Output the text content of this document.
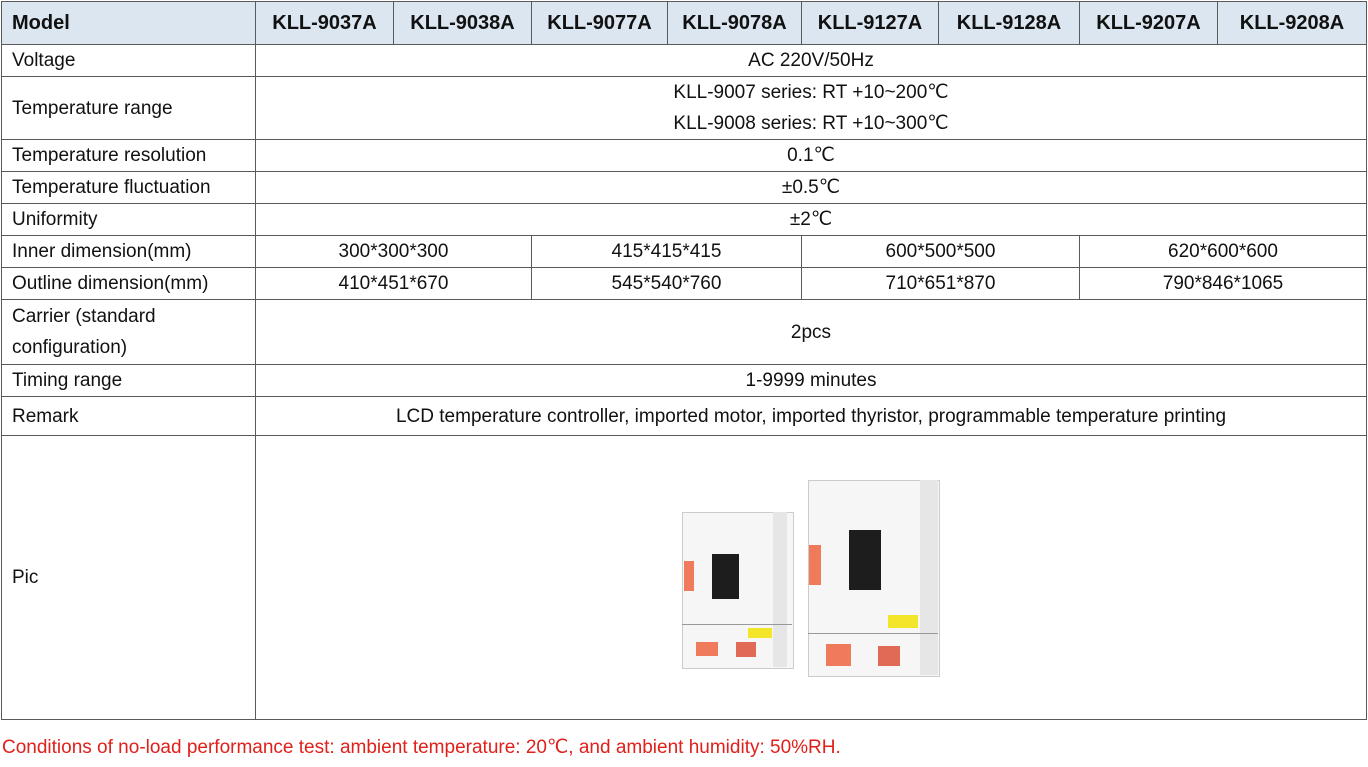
Model	KLL-9037A	KLL-9038A	KLL-9077A	KLL-9078A	KLL-9127A	KLL-9128A	KLL-9207A	KLL-9208A
Voltage	AC 220V/50Hz							
Temperature range	KLL-9007 series: RT +10~200℃
KLL-9008 series: RT +10~300℃							

Temperature resolution	0.1℃							
Temperature fluctuation	±0.5℃							
Uniformity	±2℃							
Inner dimension(mm)	300*300*300		415*415*415		600*500*500		620*600*600	
Outline dimension(mm)	410*451*670		545*540*760		710*651*870		790*846*1065	

Carrier (standard
configuration)	2pcs							
Timing range	1-9999 minutes							
Remark	LCD temperature controller, imported motor, imported thyristor, programmable temperature printing							
Pic								
Conditions of no-load performance test: ambient temperature: 20℃, and ambient humidity: 50%RH.
